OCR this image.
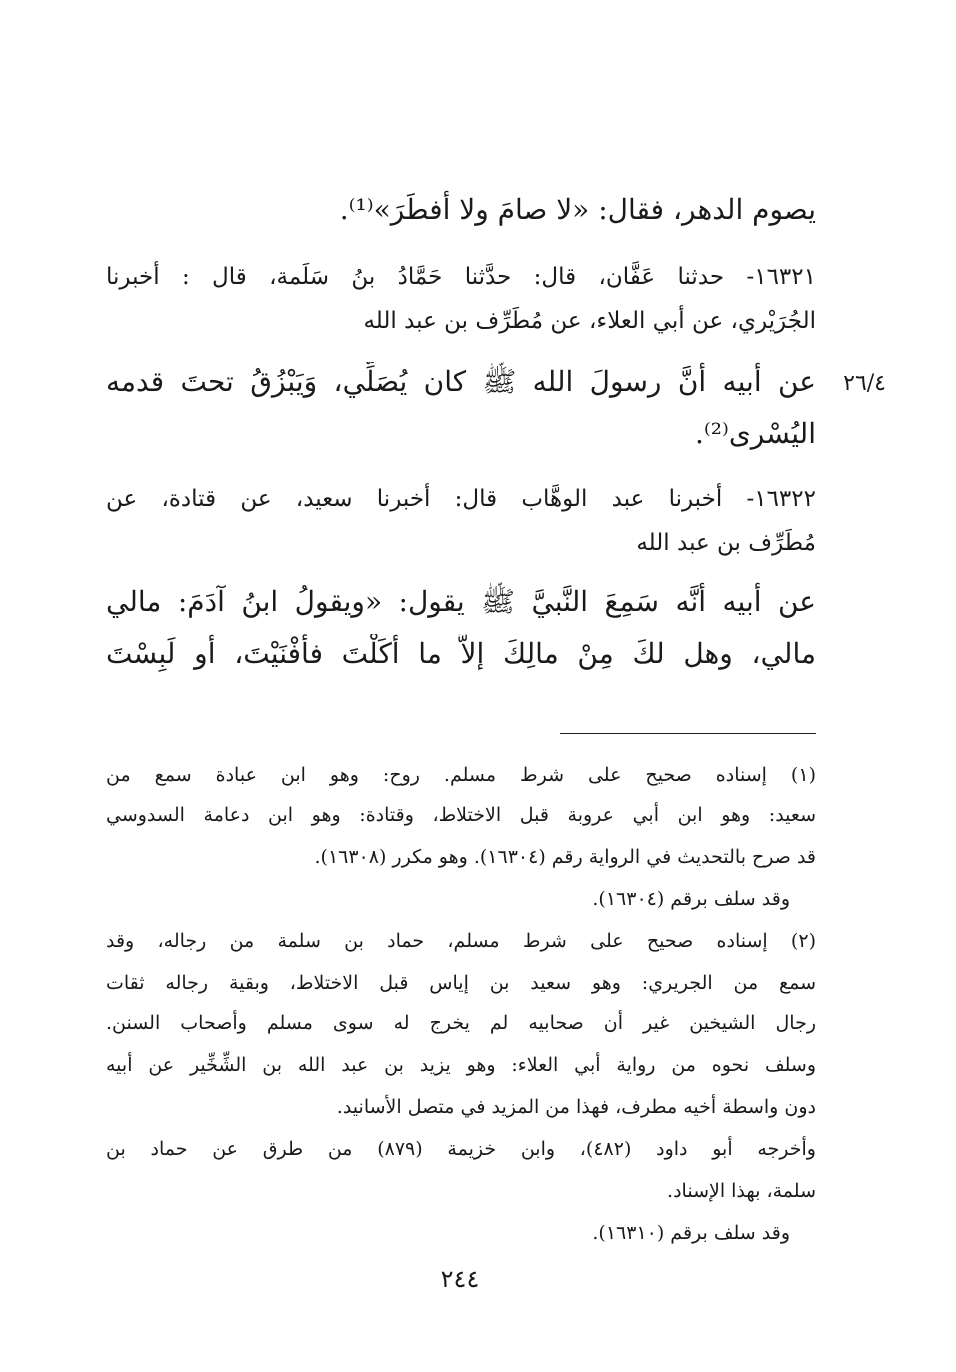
يصوم الدهر، فقال: «لا صامَ ولا أَفطَرَ»⁽¹⁾.
١٦٣٢١- حدثنا عَفَّان، قال: حدَّثنا حَمَّادُ بنُ سَلَمة، قال : أخبرنا
الجُرَيْري، عن أبي العلاء، عن مُطَرِّف بن عبد الله
٢٦/٤
عن أبيه أنَّ رسولَ الله ﷺ كان يُصَلِّي، وَيَبْزُقُ تحتَ قدمه
اليُسْرى⁽²⁾.
١٦٣٢٢- أخبرنا عبد الوهَّاب قال: أخبرنا سعيد، عن قتادة، عن
مُطَرِّف بن عبد الله
عن أبيه أنَّه سَمِعَ النَّبيَّ ﷺ يقول: «ويقولُ ابنُ آدَمَ: مالي
مالي، وهل لكَ مِنْ مالِكَ إلاَّ ما أَكَلْتَ فأَفْنَيْتَ، أَو لَبِسْتَ
(١) إسناده صحيح على شرط مسلم. روح: وهو ابن عبادة سمع من
سعيد: وهو ابن أبي عروبة قبل الاختلاط، وقتادة: وهو ابن دعامة السدوسي
قد صرح بالتحديث في الرواية رقم (١٦٣٠٤). وهو مكرر (١٦٣٠٨).
وقد سلف برقم (١٦٣٠٤).
(٢) إسناده صحيح على شرط مسلم، حماد بن سلمة من رجاله، وقد
سمع من الجريري: وهو سعيد بن إياس قبل الاختلاط، وبقية رجاله ثقات
رجال الشيخين غير أن صحابيه لم يخرج له سوى مسلم وأصحاب السنن.
وسلف نحوه من رواية أبي العلاء: وهو يزيد بن عبد الله بن الشِّخِّير عن أبيه
دون واسطة أخيه مطرف، فهذا من المزيد في متصل الأسانيد.
وأخرجه أبو داود (٤٨٢)، وابن خزيمة (٨٧٩) من طرق عن حماد بن
سلمة، بهذا الإسناد.
وقد سلف برقم (١٦٣١٠).
٢٤٤
